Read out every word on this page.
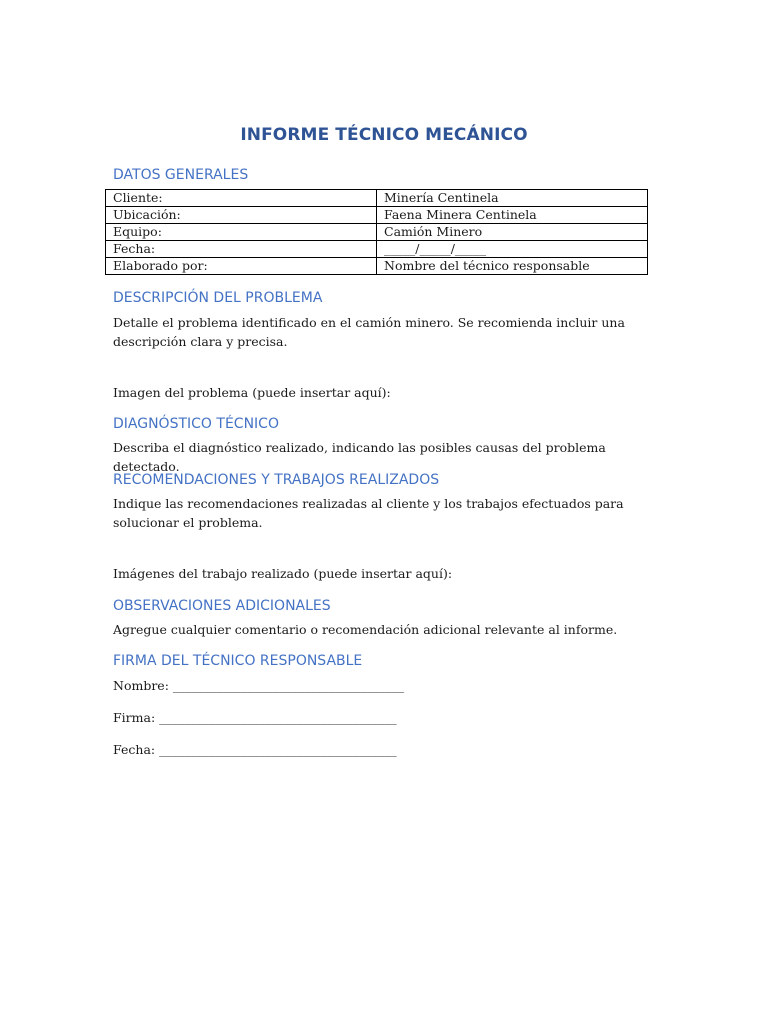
INFORME TÉCNICO MECÁNICO
DATOS GENERALES
Cliente:	Minería Centinela
Ubicación:	Faena Minera Centinela
Equipo:	Camión Minero
Fecha:	_____/_____/_____
Elaborado por:	Nombre del técnico responsable
DESCRIPCIÓN DEL PROBLEMA
Detalle el problema identificado en el camión minero. Se recomienda incluir una descripción clara y precisa.
Imagen del problema (puede insertar aquí):
DIAGNÓSTICO TÉCNICO
Describa el diagnóstico realizado, indicando las posibles causas del problema detectado.
RECOMENDACIONES Y TRABAJOS REALIZADOS
Indique las recomendaciones realizadas al cliente y los trabajos efectuados para solucionar el problema.
Imágenes del trabajo realizado (puede insertar aquí):
OBSERVACIONES ADICIONALES
Agregue cualquier comentario o recomendación adicional relevante al informe.
FIRMA DEL TÉCNICO RESPONSABLE
Nombre: _____________________________________
Firma: ______________________________________
Fecha: ______________________________________
